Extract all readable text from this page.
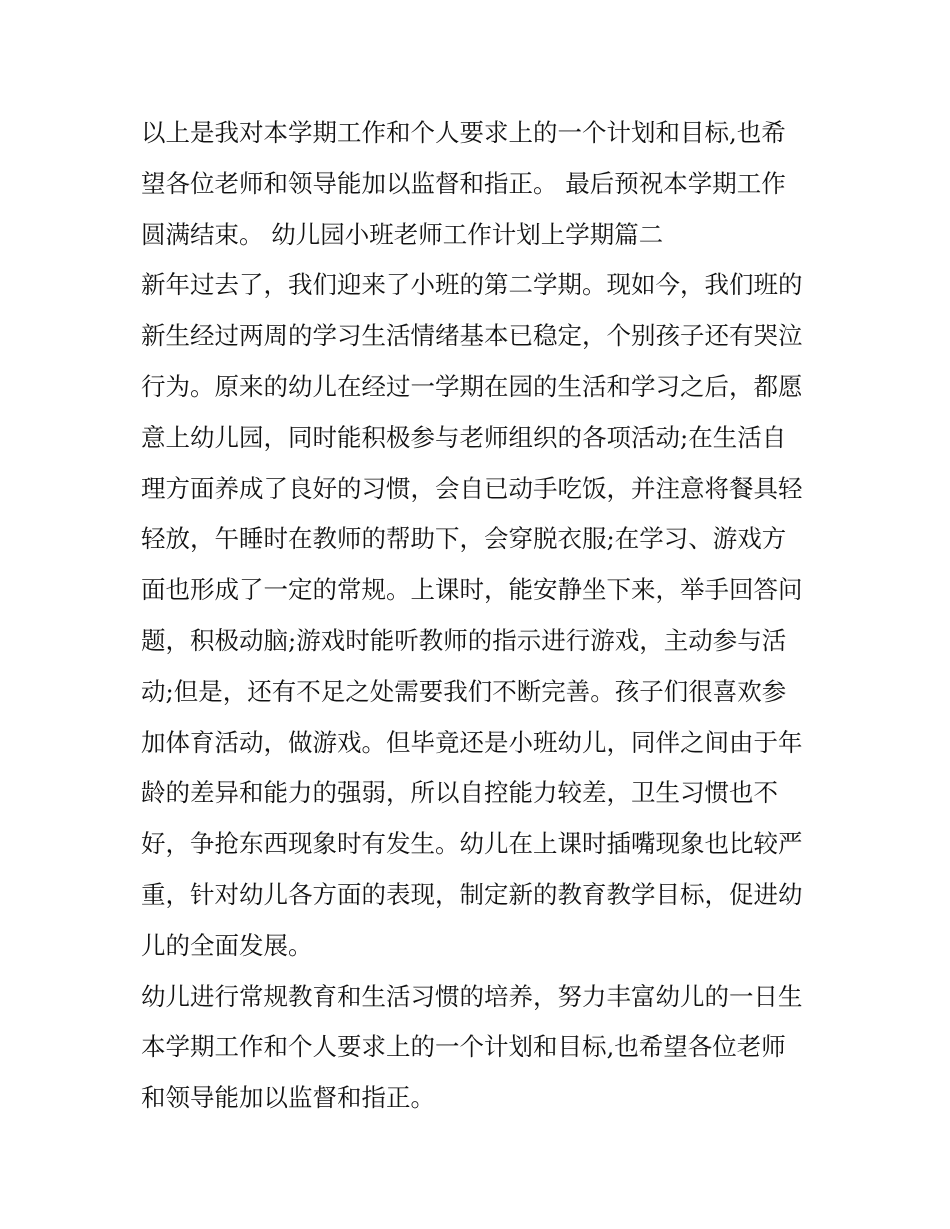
以上是我对本学期工作和个人要求上的一个计划和目标,也希
望各位老师和领导能加以监督和指正。 最后预祝本学期工作
圆满结束。 幼儿园小班老师工作计划上学期篇二
新年过去了，我们迎来了小班的第二学期。现如今，我们班的
新生经过两周的学习生活情绪基本已稳定，个别孩子还有哭泣
行为。原来的幼儿在经过一学期在园的生活和学习之后，都愿
意上幼儿园，同时能积极参与老师组织的各项活动;在生活自
理方面养成了良好的习惯，会自已动手吃饭，并注意将餐具轻
轻放，午睡时在教师的帮助下，会穿脱衣服;在学习、游戏方
面也形成了一定的常规。上课时，能安静坐下来，举手回答问
题，积极动脑;游戏时能听教师的指示进行游戏，主动参与活
动;但是，还有不足之处需要我们不断完善。孩子们很喜欢参
加体育活动，做游戏。但毕竟还是小班幼儿，同伴之间由于年
龄的差异和能力的强弱，所以自控能力较差，卫生习惯也不
好，争抢东西现象时有发生。幼儿在上课时插嘴现象也比较严
重，针对幼儿各方面的表现，制定新的教育教学目标，促进幼
儿的全面发展。
幼儿进行常规教育和生活习惯的培养，努力丰富幼儿的一日生
本学期工作和个人要求上的一个计划和目标,也希望各位老师
和领导能加以监督和指正。
